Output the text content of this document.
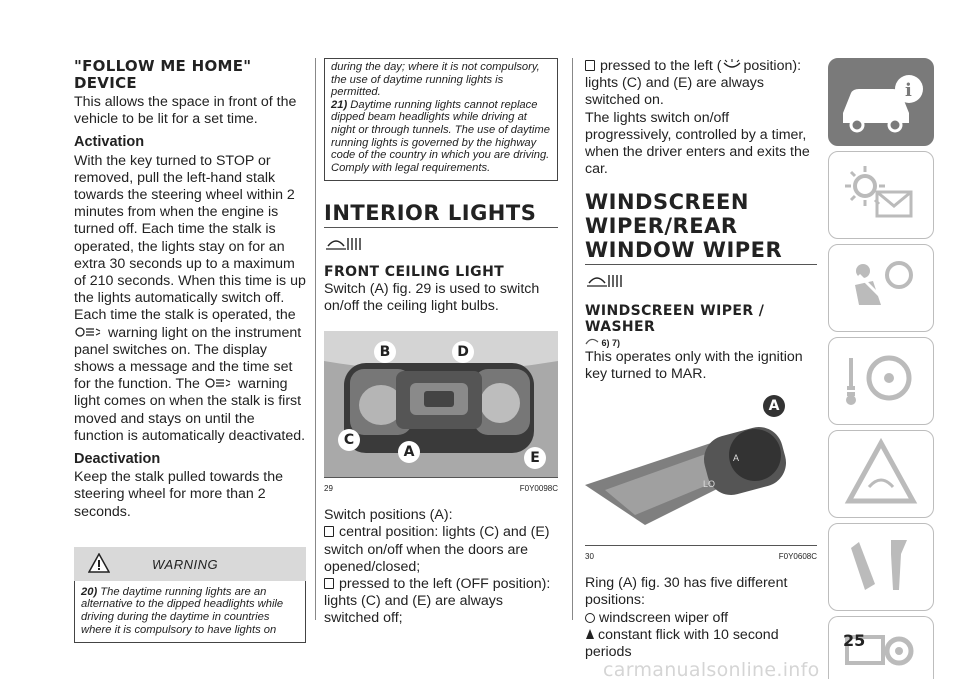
"FOLLOW ME HOME" DEVICE

This allows the space in front of the vehicle to be lit for a set time.

Activation

With the key turned to STOP or removed, pull the left-hand stalk towards the steering wheel within 2 minutes from when the engine is turned off. Each time the stalk is operated, the lights stay on for an extra 30 seconds up to a maximum of 210 seconds. When this time is up the lights automatically switch off.

Each time the stalk is operated, the
warning light on the instrument panel switches on. The display shows a message and the time set for the function. The	warning light comes on when the stalk is first moved and stays on until the function is automatically deactivated.

Deactivation

Keep the stalk pulled towards the steering wheel for more than 2 seconds.

WARNING
20) The daytime running lights are an alternative to the dipped headlights while driving during the daytime in countries where it is compulsory to have lights on
during the day; where it is not compulsory, the use of daytime running lights is permitted.
21) Daytime running lights cannot replace dipped beam headlights while driving at night or through tunnels. The use of daytime running lights is governed by the highway code of the country in which you are driving. Comply with legal requirements.
INTERIOR LIGHTS
FRONT CEILING LIGHT

Switch (A) fig. 29 is used to switch on/off the ceiling light bulbs.

B	D
C
A	E
29	F0Y0098C

Switch positions (A):

central position: lights (C) and (E) switch on/off when the doors are opened/closed;

pressed to the left (OFF position): lights (C) and (E) are always switched off;

pressed to the left ( position): lights (C) and (E) are always switched on.

The lights switch on/off progressively, controlled by a timer, when the driver enters and exits the car.

WINDSCREEN WIPER/REAR WINDOW WIPER
WINDSCREEN WIPER / WASHER

6) 7)

This operates only with the ignition key turned to MAR.

LO
A
A
30	F0Y0608C

Ring (A) fig. 30 has five different positions:

windscreen wiper off

constant flick with 10 second periods

i
25
carmanualsonline.info
